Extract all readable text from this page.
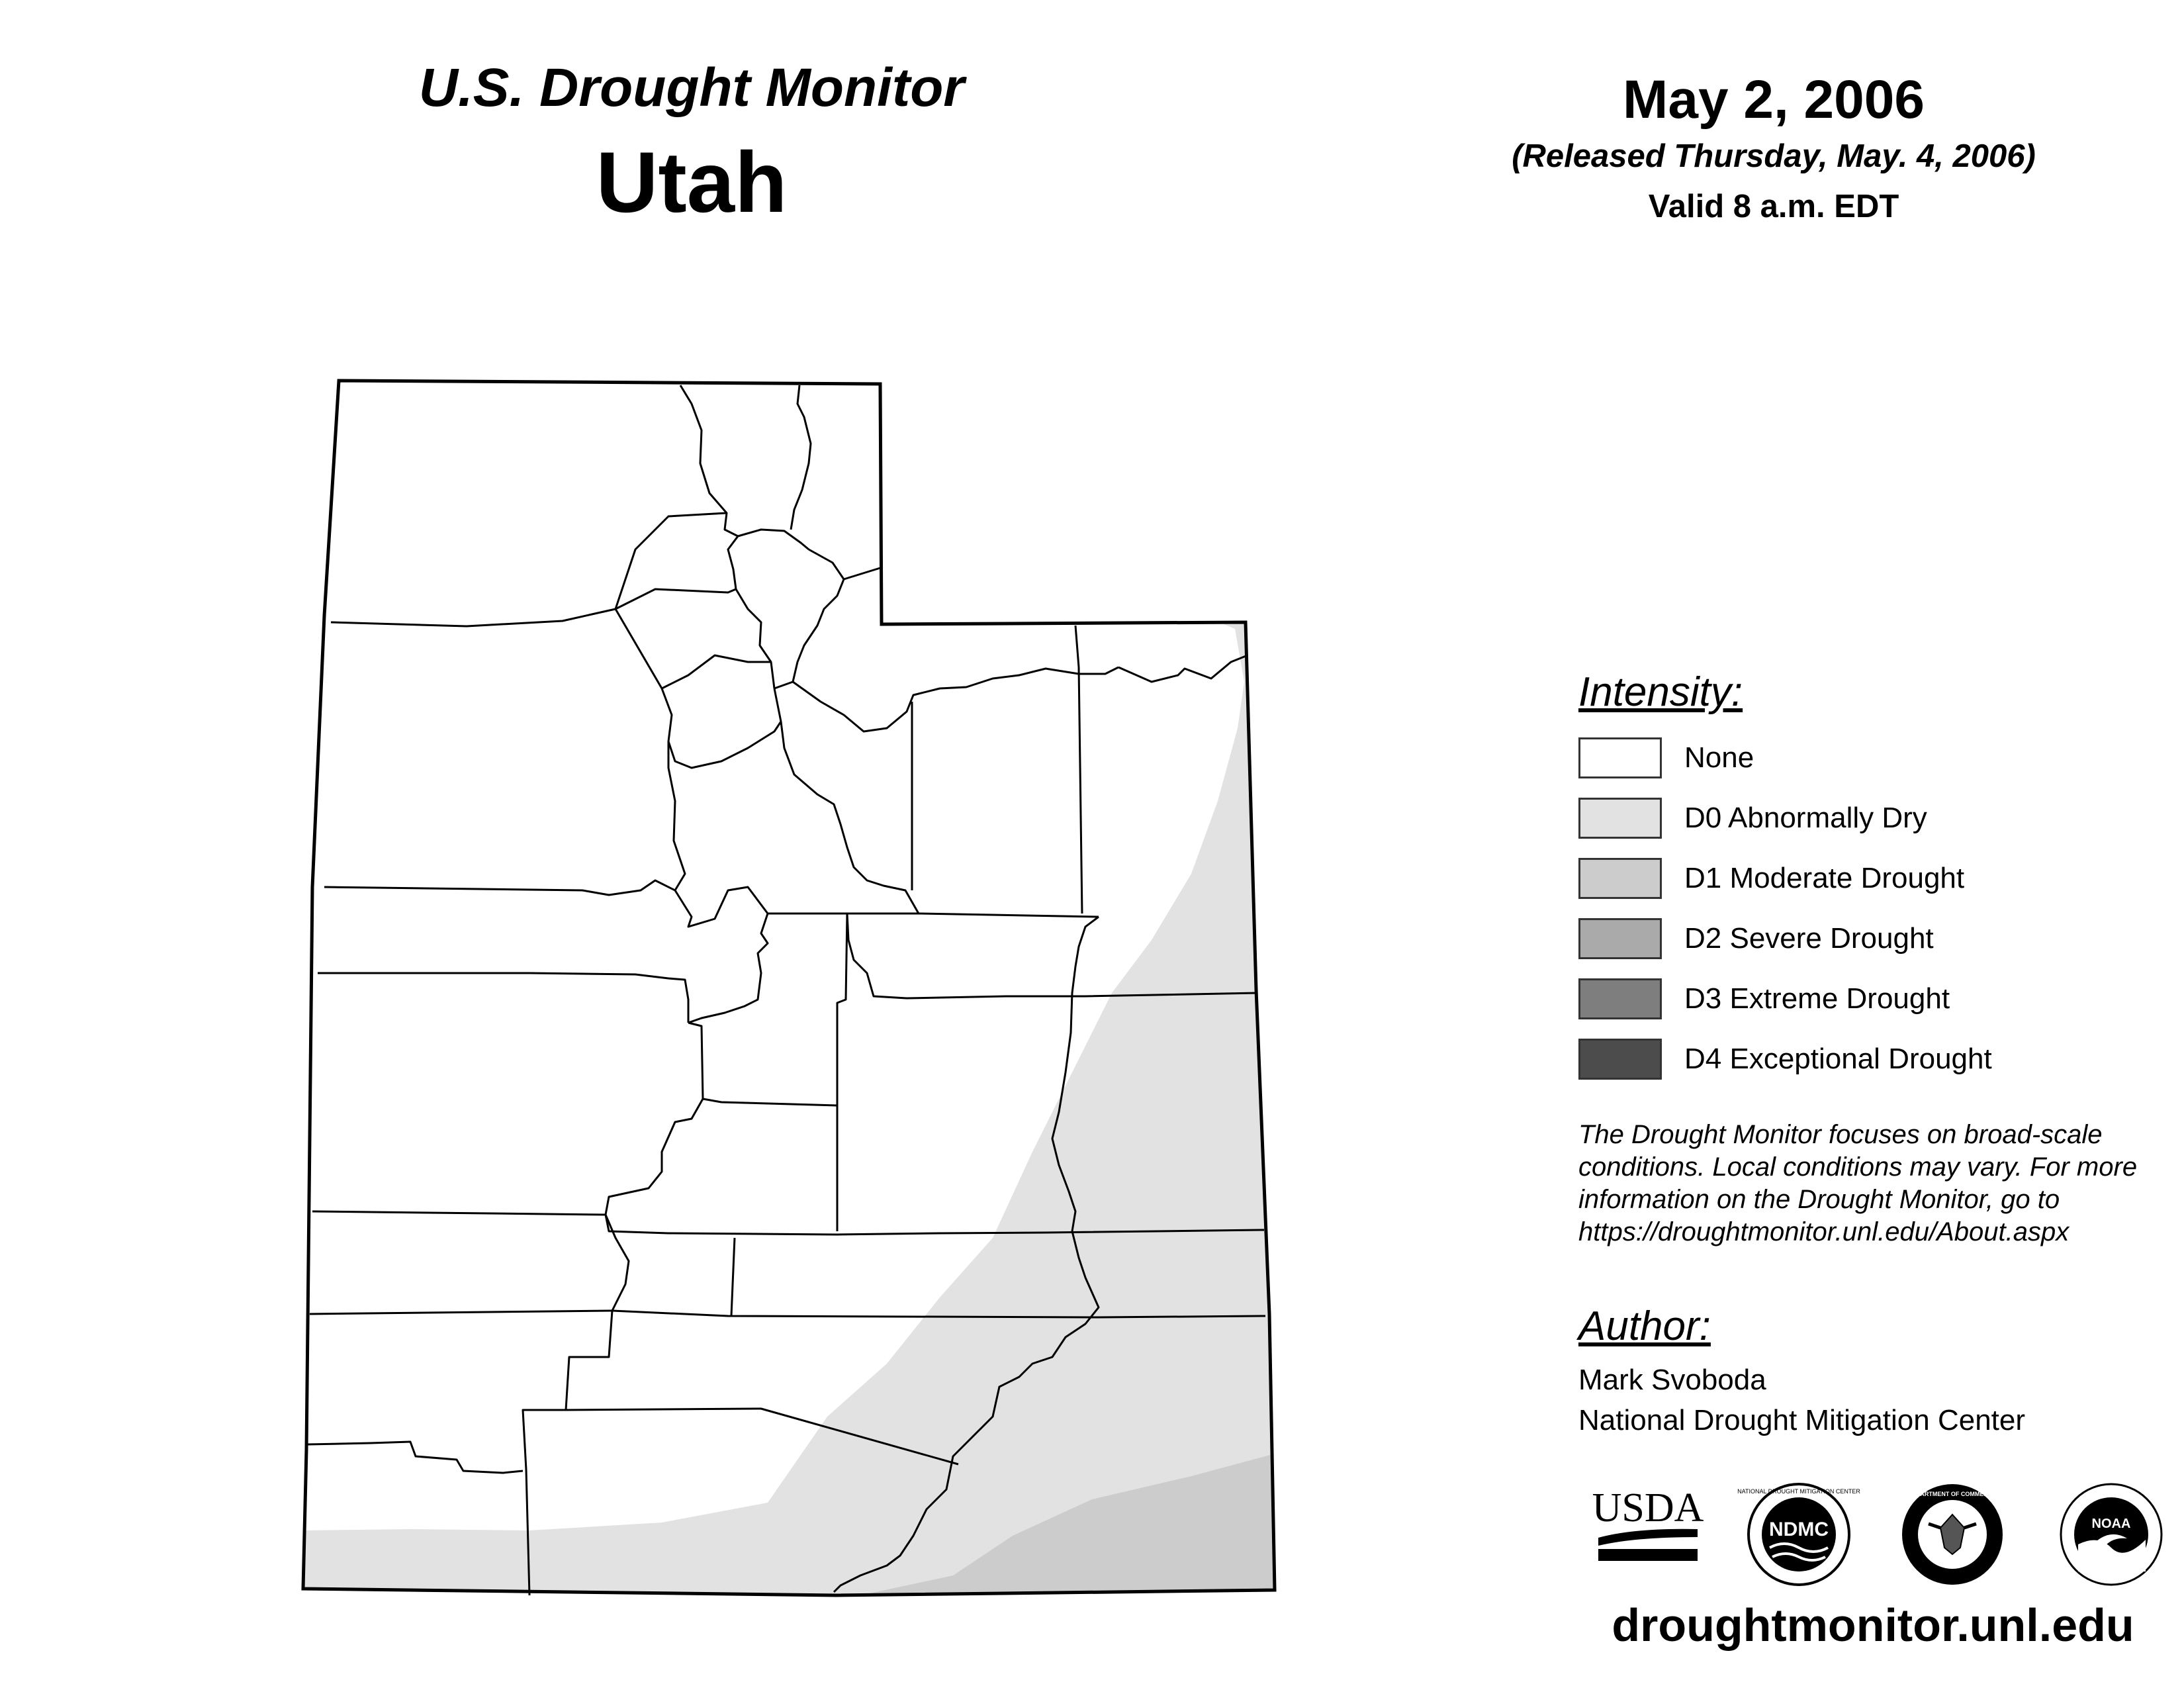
U.S. Drought Monitor
Utah
May 2, 2006
(Released Thursday, May. 4, 2006)
Valid 8 a.m. EDT
Intensity:
None
D0 Abnormally Dry
D1 Moderate Drought
D2 Severe Drought
D3 Extreme Drought
D4 Exceptional Drought
The Drought Monitor focuses on broad-scale
conditions. Local conditions may vary. For more
information on the Drought Monitor, go to
https://droughtmonitor.unl.edu/About.aspx
Author:
Mark Svoboda
National Drought Mitigation Center
USDA	NATIONAL DROUGHT MITIGATION CENTER
NDMC
DEPARTMENT OF COMMERCE
NOAA
droughtmonitor.unl.edu
